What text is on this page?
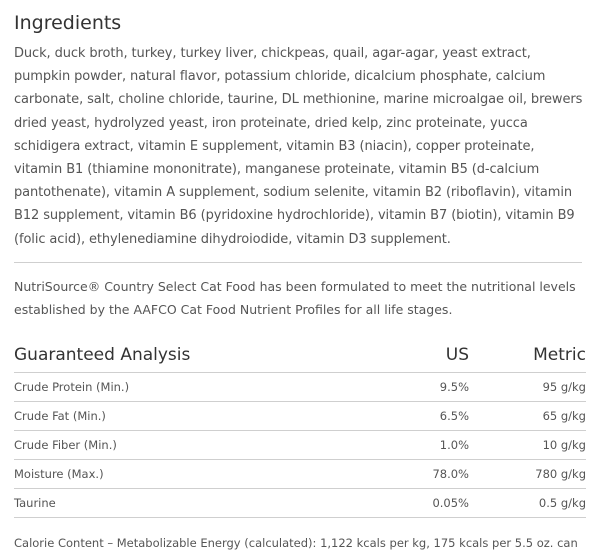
Ingredients

Duck, duck broth, turkey, turkey liver, chickpeas, quail, agar-agar, yeast extract, pumpkin powder, natural flavor, potassium chloride, dicalcium phosphate, calcium carbonate, salt, choline chloride, taurine, DL methionine, marine microalgae oil, brewers dried yeast, hydrolyzed yeast, iron proteinate, dried kelp, zinc proteinate, yucca schidigera extract, vitamin E supplement, vitamin B3 (niacin), copper proteinate, vitamin B1 (thiamine mononitrate), manganese proteinate, vitamin B5 (d-calcium pantothenate), vitamin A supplement, sodium selenite, vitamin B2 (riboflavin), vitamin B12 supplement, vitamin B6 (pyridoxine hydrochloride), vitamin B7 (biotin), vitamin B9 (folic acid), ethylenediamine dihydroiodide, vitamin D3 supplement.

NutriSource® Country Select Cat Food has been formulated to meet the nutritional levels established by the AAFCO Cat Food Nutrient Profiles for all life stages.

Guaranteed Analysis	US	Metric
Crude Protein (Min.)	9.5%	95 g/kg
Crude Fat (Min.)	6.5%	65 g/kg
Crude Fiber (Min.)	1.0%	10 g/kg
Moisture (Max.)	78.0%	780 g/kg
Taurine	0.05%	0.5 g/kg

Calorie Content – Metabolizable Energy (calculated): 1,122 kcals per kg, 175 kcals per 5.5 oz. can
